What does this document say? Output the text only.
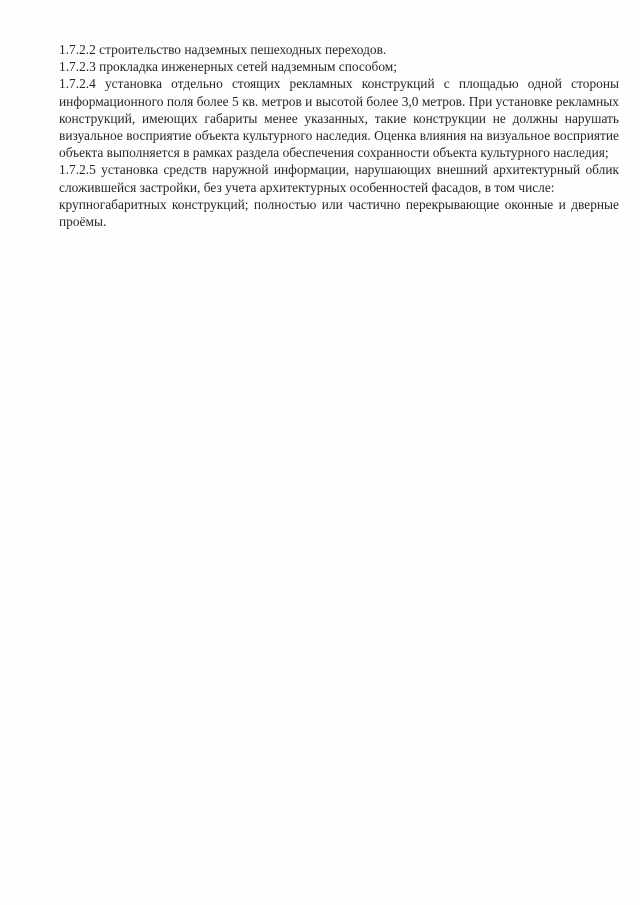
1.7.2.2 строительство надземных пешеходных переходов.

1.7.2.3 прокладка инженерных сетей надземным способом;

1.7.2.4 установка отдельно стоящих рекламных конструкций с площадью одной стороны информационного поля более 5 кв. метров и высотой более 3,0 метров. При установке рекламных конструкций, имеющих габариты менее указанных, такие конструкции не должны нарушать визуальное восприятие объекта культурного наследия. Оценка влияния на визуальное восприятие объекта выполняется в рамках раздела обеспечения сохранности объекта культурного наследия;

1.7.2.5 установка средств наружной информации, нарушающих внешний архитектурный облик сложившейся застройки, без учета архитектурных особенностей фасадов, в том числе:

крупногабаритных конструкций; полностью или частично перекрывающие оконные и дверные проёмы.
